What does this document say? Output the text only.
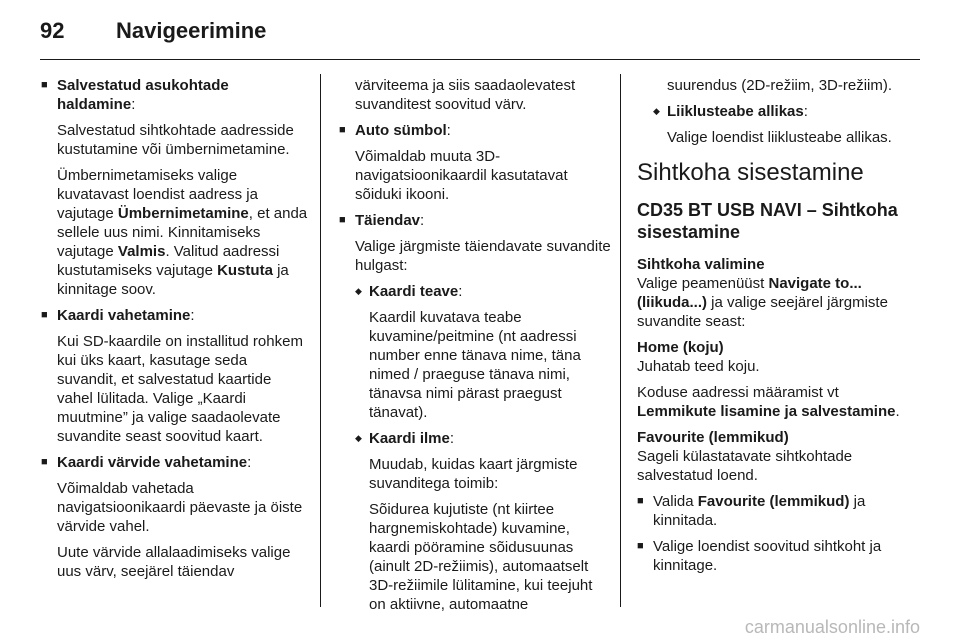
92 Navigeerimine
■ Salvestatud asukohtade haldamine:

Salvestatud sihtkohtade aadresside kustutamine või ümbernimetamine.

Ümbernimetamiseks valige kuvatavast loendist aadress ja vajutage Ümbernimetamine, et anda sellele uus nimi. Kinnitamiseks vajutage Valmis. Valitud aadressi kustutamiseks vajutage Kustuta ja kinnitage soov.

■ Kaardi vahetamine:

Kui SD-kaardile on installitud rohkem kui üks kaart, kasutage seda suvandit, et salvestatud kaartide vahel lülitada. Valige „Kaardi muutmine” ja valige saadaolevate suvandite seast soovitud kaart.

■ Kaardi värvide vahetamine:

Võimaldab vahetada navigatsioonikaardi päevaste ja öiste värvide vahel.

Uute värvide allalaadimiseks valige uus värv, seejärel täiendav

värviteema ja siis saadaolevatest suvanditest soovitud värv.

■ Auto sümbol:

Võimaldab muuta 3D-navigatsioonikaardil kasutatavat sõiduki ikooni.

■ Täiendav:

Valige järgmiste täiendavate suvandite hulgast:

◆ Kaardi teave:

Kaardil kuvatava teabe kuvamine/peitmine (nt aadressi number enne tänava nime, täna nimed / praeguse tänava nimi, tänavsa nimi pärast praegust tänavat).

◆ Kaardi ilme:

Muudab, kuidas kaart järgmiste suvanditega toimib:

Sõidurea kujutiste (nt kiirtee hargnemiskohtade) kuvamine, kaardi pööramine sõidusuunas (ainult 2D-režiimis), automaatselt 3D-režiimile lülitamine, kui teejuht on aktiivne, automaatne

suurendus (2D-režiim, 3D-režiim).

◆ Liiklusteabe allikas:

Valige loendist liiklusteabe allikas.

Sihtkoha sisestamine
CD35 BT USB NAVI – Sihtkoha sisestamine
Sihtkoha valimine

Valige peamenüüst Navigate to... (liikuda...) ja valige seejärel järgmiste suvandite seast:

Home (koju)

Juhatab teed koju.

Koduse aadressi määramist vt Lemmikute lisamine ja salvestamine.

Favourite (lemmikud)

Sageli külastatavate sihtkohtade salvestatud loend.

■ Valida Favourite (lemmikud) ja kinnitada.
■ Valige loendist soovitud sihtkoht ja kinnitage.
carmanualsonline.info
